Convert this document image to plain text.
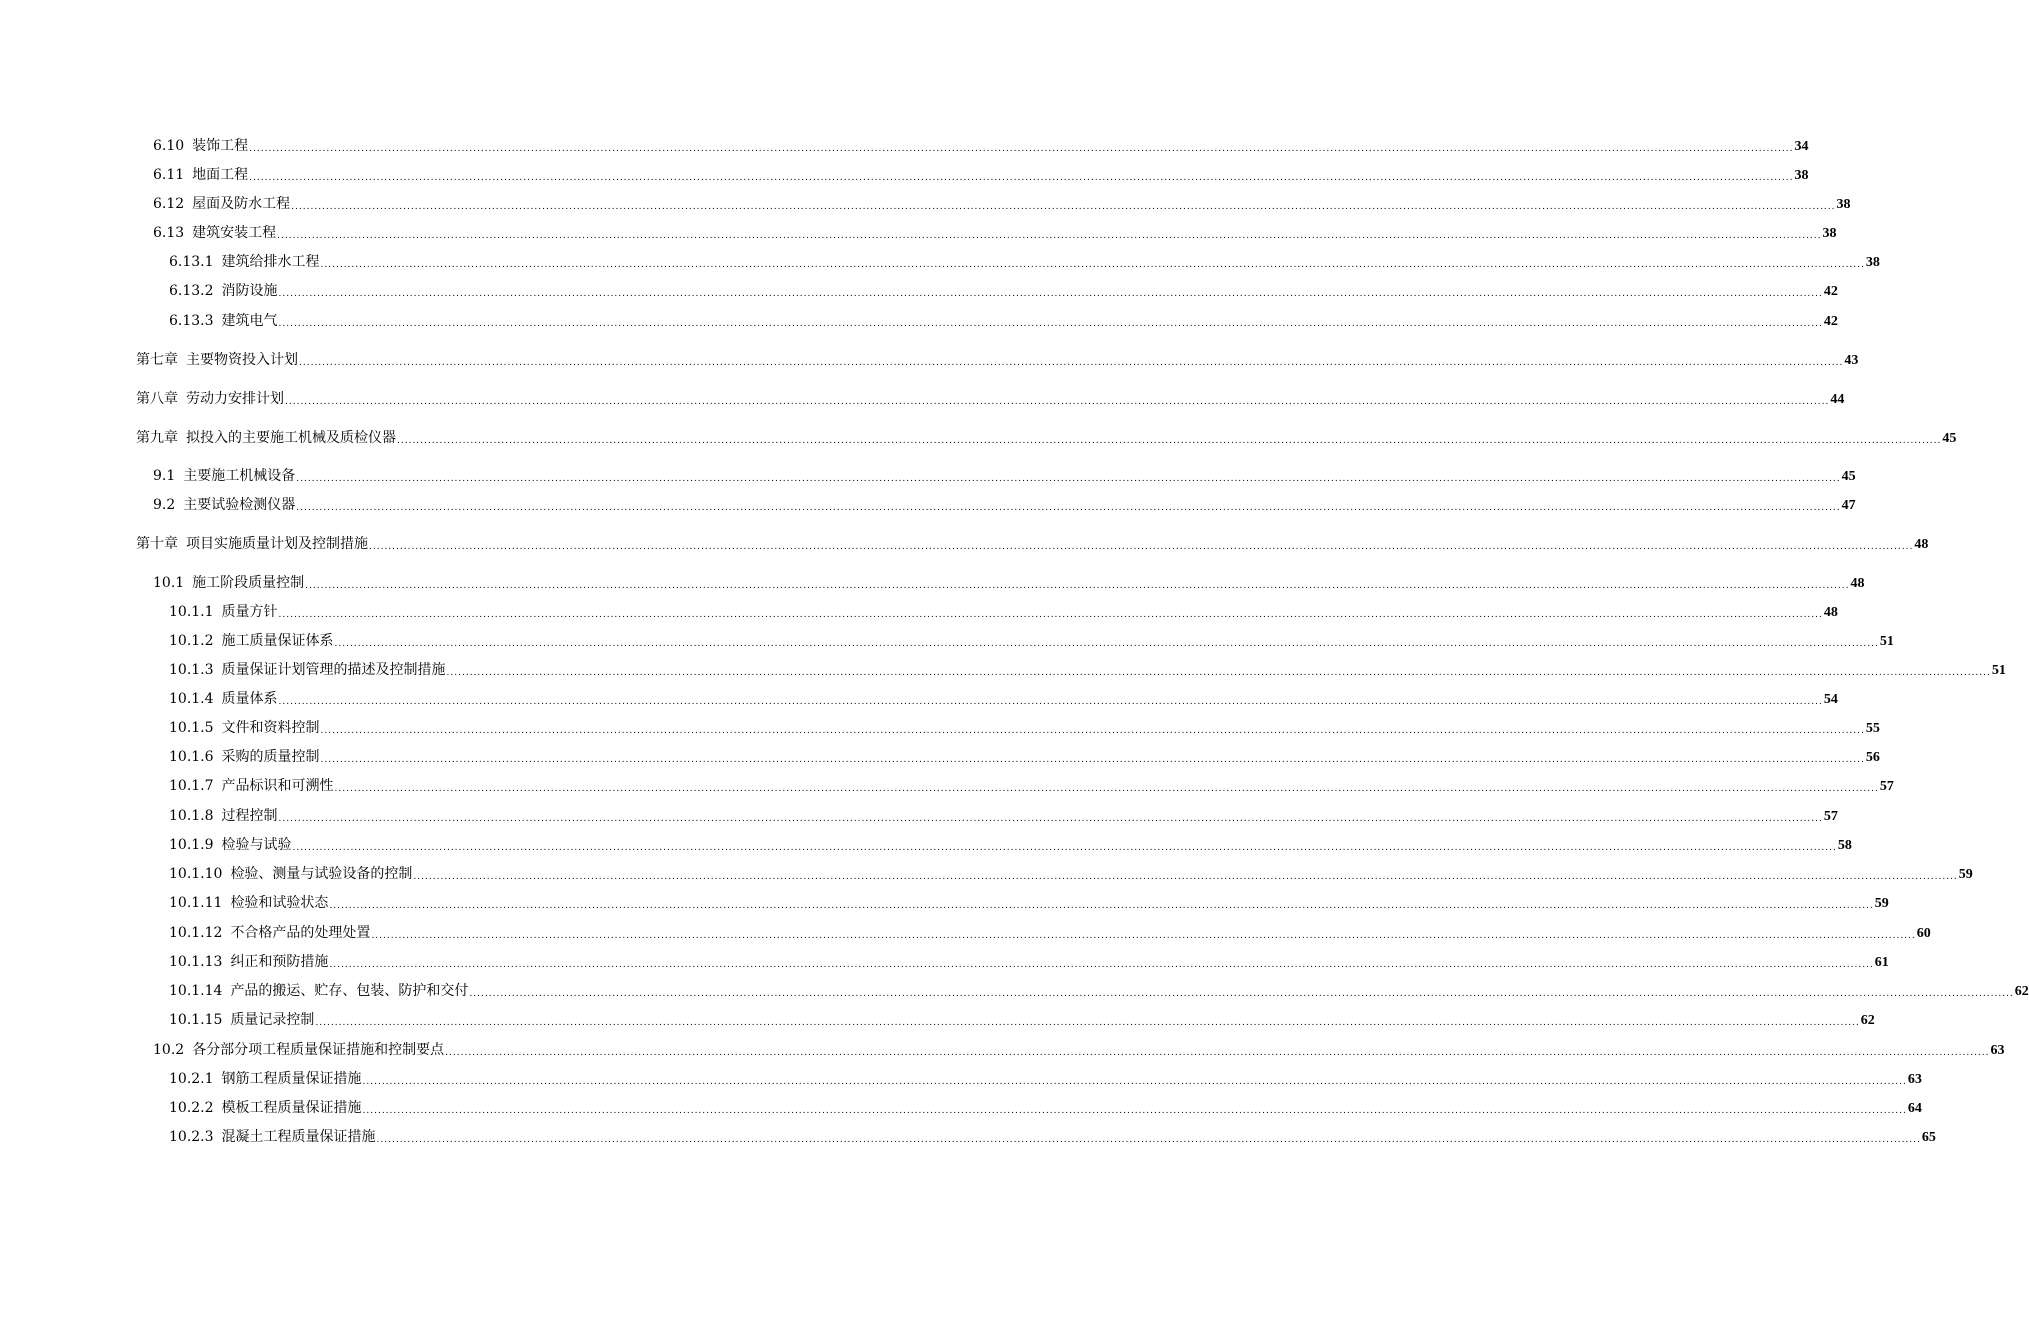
6.10 装饰工程 ................................................................................................................................................................................................................................................................................................................................................................................................................ 34
6.11 地面工程 ................................................................................................................................................................................................................................................................................................................................................................................................................ 38
6.12 屋面及防水工程 ................................................................................................................................................................................................................................................................................................................................................................................................................ 38
6.13 建筑安装工程 ................................................................................................................................................................................................................................................................................................................................................................................................................ 38
6.13.1 建筑给排水工程 ................................................................................................................................................................................................................................................................................................................................................................................................................ 38
6.13.2 消防设施 ................................................................................................................................................................................................................................................................................................................................................................................................................ 42
6.13.3 建筑电气 ................................................................................................................................................................................................................................................................................................................................................................................................................ 42
第七章 主要物资投入计划 ................................................................................................................................................................................................................................................................................................................................................................................................................ 43
第八章 劳动力安排计划 ................................................................................................................................................................................................................................................................................................................................................................................................................ 44
第九章 拟投入的主要施工机械及质检仪器 ................................................................................................................................................................................................................................................................................................................................................................................................................ 45
9.1 主要施工机械设备 ................................................................................................................................................................................................................................................................................................................................................................................................................ 45
9.2 主要试验检测仪器 ................................................................................................................................................................................................................................................................................................................................................................................................................ 47
第十章 项目实施质量计划及控制措施 ................................................................................................................................................................................................................................................................................................................................................................................................................ 48
10.1 施工阶段质量控制 ................................................................................................................................................................................................................................................................................................................................................................................................................ 48
10.1.1 质量方针 ................................................................................................................................................................................................................................................................................................................................................................................................................ 48
10.1.2 施工质量保证体系 ................................................................................................................................................................................................................................................................................................................................................................................................................ 51
10.1.3 质量保证计划管理的描述及控制措施 ................................................................................................................................................................................................................................................................................................................................................................................................................ 51
10.1.4 质量体系 ................................................................................................................................................................................................................................................................................................................................................................................................................ 54
10.1.5 文件和资料控制 ................................................................................................................................................................................................................................................................................................................................................................................................................ 55
10.1.6 采购的质量控制 ................................................................................................................................................................................................................................................................................................................................................................................................................ 56
10.1.7 产品标识和可溯性 ................................................................................................................................................................................................................................................................................................................................................................................................................ 57
10.1.8 过程控制 ................................................................................................................................................................................................................................................................................................................................................................................................................ 57
10.1.9 检验与试验 ................................................................................................................................................................................................................................................................................................................................................................................................................ 58
10.1.10 检验、测量与试验设备的控制 ................................................................................................................................................................................................................................................................................................................................................................................................................ 59
10.1.11 检验和试验状态 ................................................................................................................................................................................................................................................................................................................................................................................................................ 59
10.1.12 不合格产品的处理处置 ................................................................................................................................................................................................................................................................................................................................................................................................................ 60
10.1.13 纠正和预防措施 ................................................................................................................................................................................................................................................................................................................................................................................................................ 61
10.1.14 产品的搬运、贮存、包装、防护和交付 ................................................................................................................................................................................................................................................................................................................................................................................................................ 62
10.1.15 质量记录控制 ................................................................................................................................................................................................................................................................................................................................................................................................................ 62
10.2 各分部分项工程质量保证措施和控制要点 ................................................................................................................................................................................................................................................................................................................................................................................................................ 63
10.2.1 钢筋工程质量保证措施 ................................................................................................................................................................................................................................................................................................................................................................................................................ 63
10.2.2 模板工程质量保证措施 ................................................................................................................................................................................................................................................................................................................................................................................................................ 64
10.2.3 混凝土工程质量保证措施 ................................................................................................................................................................................................................................................................................................................................................................................................................ 65
